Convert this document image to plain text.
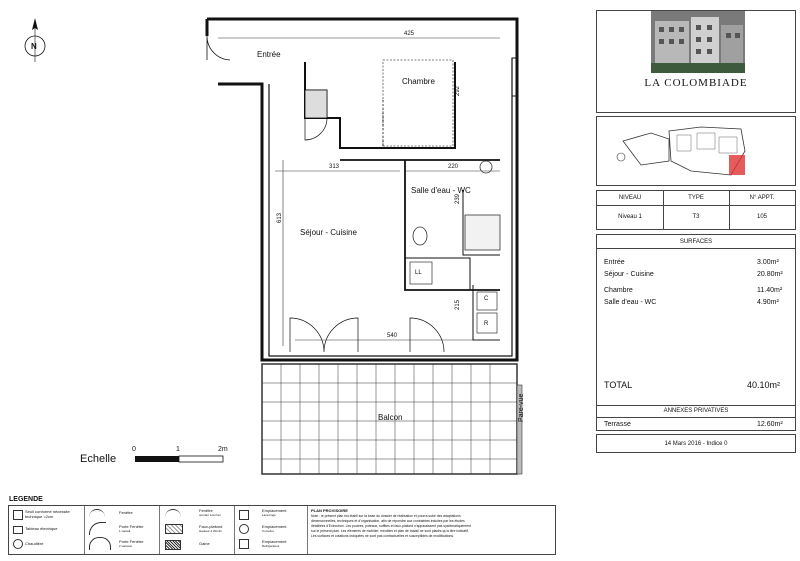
Entrée
Chambre
Salle d'eau - WC
Séjour - Cuisine
Balcon	Pare-vue
LL
C
R
N
425
292
313	220
613
239
215
540
Echelle
0	1	2m
LA COLOMBIADE
NIVEAU	TYPE	N° APPT.
Niveau 1	T3	105
SURFACES
Entrée	3.00m²
Séjour - Cuisine	20.80m²
Chambre	11.40m²
Salle d'eau - WC	4.90m²
TOTAL	40.10m²
ANNEXES PRIVATIVES
Terrasse	12.60m²
14 Mars 2016 - Indice 0
LEGENDE
Seuil conforme nécessite technique <2cm
Fenêtre	Fenêtre
ouvrant à la fran
Emplacement
Lave-linge
Tableau électrique	Porte Fenêtre
1 vantail
Faux-plafond
Hauteur 2.20mini
Emplacement
Cumulus
Chaudière	Porte Fenêtre
2 vantaux	Gaine	Emplacement
Réfrigérateur
PLAN PROVISOIRE
Note : le présent plan est établi sur la base du dossier de réalisation et pourra subir des adaptations
dimensionnelles, techniques et d'organisation, afin de répondre aux contraintes induites par les études
détaillées d'Exécution. Les poutres, poteaux, soffites et faux-plafond n'apparaissent pas systématiquement
sur le présent plan. Les éléments de mobilier, meubles et plan de travail ne sont placés qu'à titre indicatif.
Les surfaces et cotations indiquées ne sont pas contractuelles et susceptibles de modifications.
